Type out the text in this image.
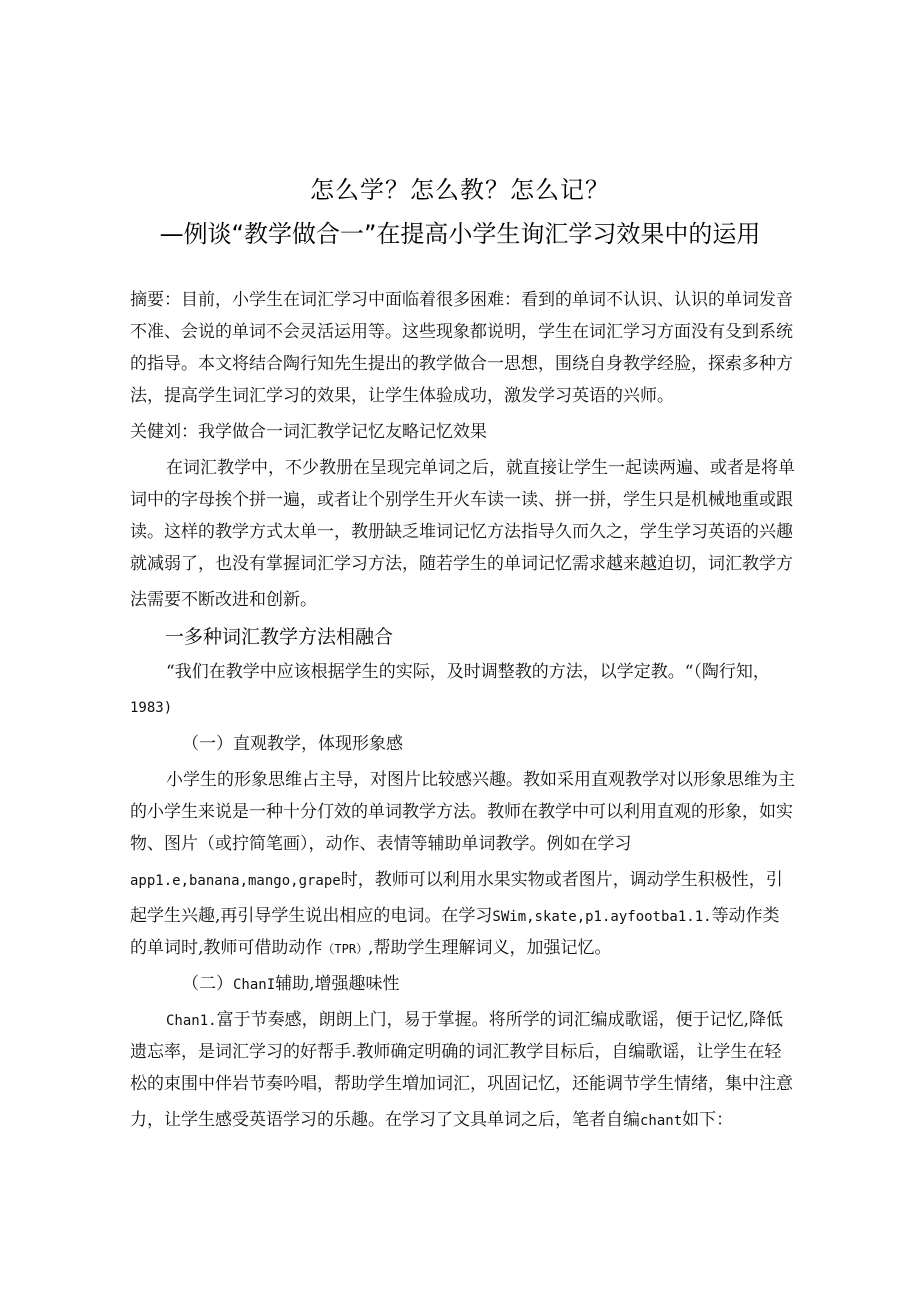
怎么学？怎么教？怎么记？
—例谈“教学做合一”在提高小学生询汇学习效果中的运用
摘要：目前，小学生在词汇学习中面临着很多困难：看到的单词不认识、认识的单词发音
不准、会说的单词不会灵活运用等。这些现象都说明，学生在词汇学习方面没有殳到系统
的指导。本文将结合陶行知先生提出的教学做合一思想，围绕自身教学经脸，探索多种方
法，提高学生词汇学习的效果，让学生体验成功，激发学习英语的兴师。
关健刘：我学做合一词汇教学记忆友略记忆效果
在词汇教学中，不少教册在呈现完单词之后，就直接让学生一起读两遍、或者是将单
词中的字母挨个拼一遍，或者让个别学生开火车读一读、拼一拼，学生只是机械地重或跟
读。这样的教学方式太单一，教册缺乏堆词记忆方法指导久而久之，学生学习英语的兴趣
就减弱了，也没有掌握词汇学习方法，随若学生的单词记忆需求越来越迫切，词汇教学方
法需要不断改进和创新。
一多种词汇教学方法相融合
“我们在教学中应该根据学生的实际，及时调整教的方法，以学定教。“（陶行知，
1983)
（一）直观教学，体现形象感
小学生的形象思维占主导，对图片比较感兴趣。教如采用直观教学对以形象思维为主
的小学生来说是一种十分仃效的单词教学方法。教师在教学中可以利用直观的形象，如实
物、图片（或拧简笔画），动作、表情等辅助单词教学。例如在学习
app1.e,banana,mango,grape时，教师可以利用水果实物或者图片，调动学生积极性，引
起学生兴趣,再引导学生说出相应的电词。在学习SWim,skate,p1.ayfootba1.1.等动作类
的单词时,教师可借助动作（TPR）,帮助学生理解词义，加强记忆。
（二）ChanI辅助,增强趣味性
Chan1.富于节奏感，朗朗上门，易于掌握。将所学的词汇编成歌谣，便于记忆,降低
遗忘率，是词汇学习的好帮手.教师确定明确的词汇教学目标后，自编歌谣，让学生在轻
松的束围中伴岩节奏吟唱，帮助学生増加词汇，巩固记忆，还能调节学生情绪，集中注意
力，让学生感受英语学习的乐趣。在学习了文具单词之后，笔者自编chant如下：
